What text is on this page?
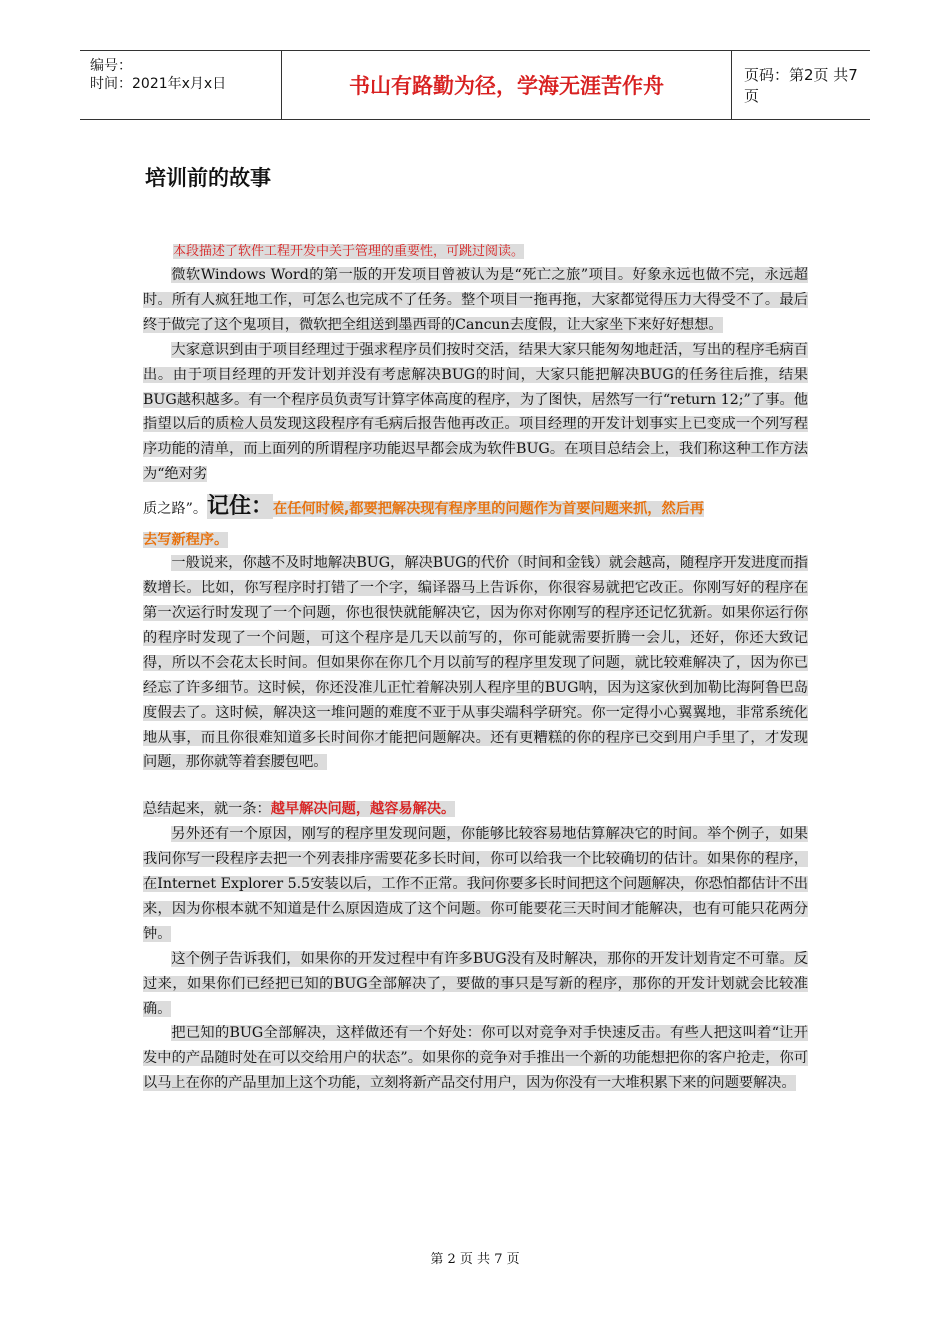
编号：
时间：2021年x月x日	书山有路勤为径，学海无涯苦作舟	页码：第2页 共7页
培训前的故事

本段描述了软件工程开发中关于管理的重要性，可跳过阅读。

微软Windows Word的第一版的开发项目曾被认为是“死亡之旅”项目。好象永远也做不完，永远超时。所有人疯狂地工作，可怎么也完成不了任务。整个项目一拖再拖，大家都觉得压力大得受不了。最后终于做完了这个鬼项目，微软把全组送到墨西哥的Cancun去度假，让大家坐下来好好想想。

大家意识到由于项目经理过于强求程序员们按时交活，结果大家只能匆匆地赶活，写出的程序毛病百出。由于项目经理的开发计划并没有考虑解决BUG的时间，大家只能把解决BUG的任务往后推，结果BUG越积越多。有一个程序员负责写计算字体高度的程序，为了图快，居然写一行“return 12;”了事。他指望以后的质检人员发现这段程序有毛病后报告他再改正。项目经理的开发计划事实上已变成一个列写程序功能的清单，而上面列的所谓程序功能迟早都会成为软件BUG。在项目总结会上，我们称这种工作方法为“绝对劣

质之路”。记住：在任何时候,都要把解决现有程序里的问题作为首要问题来抓，然后再

去写新程序。

一般说来，你越不及时地解决BUG，解决BUG的代价（时间和金钱）就会越高，随程序开发进度而指数增长。比如，你写程序时打错了一个字，编译器马上告诉你，你很容易就把它改正。你刚写好的程序在第一次运行时发现了一个问题，你也很快就能解决它，因为你对你刚写的程序还记忆犹新。如果你运行你的程序时发现了一个问题，可这个程序是几天以前写的，你可能就需要折腾一会儿，还好，你还大致记得，所以不会花太长时间。但如果你在你几个月以前写的程序里发现了问题，就比较难解决了，因为你已经忘了许多细节。这时候，你还没准儿正忙着解决别人程序里的BUG呐，因为这家伙到加勒比海阿鲁巴岛度假去了。这时候，解决这一堆问题的难度不亚于从事尖端科学研究。你一定得小心翼翼地，非常系统化地从事，而且你很难知道多长时间你才能把问题解决。还有更糟糕的你的程序已交到用户手里了，才发现问题，那你就等着套腰包吧。

总结起来，就一条：越早解决问题，越容易解决。

另外还有一个原因，刚写的程序里发现问题，你能够比较容易地估算解决它的时间。举个例子，如果我问你写一段程序去把一个列表排序需要花多长时间，你可以给我一个比较确切的估计。如果你的程序，在Internet Explorer 5.5安装以后，工作不正常。我问你要多长时间把这个问题解决，你恐怕都估计不出来，因为你根本就不知道是什么原因造成了这个问题。你可能要花三天时间才能解决，也有可能只花两分钟。

这个例子告诉我们，如果你的开发过程中有许多BUG没有及时解决，那你的开发计划肯定不可靠。反过来，如果你们已经把已知的BUG全部解决了，要做的事只是写新的程序，那你的开发计划就会比较准确。

把已知的BUG全部解决，这样做还有一个好处：你可以对竞争对手快速反击。有些人把这叫着“让开发中的产品随时处在可以交给用户的状态”。如果你的竞争对手推出一个新的功能想把你的客户抢走，你可以马上在你的产品里加上这个功能，立刻将新产品交付用户，因为你没有一大堆积累下来的问题要解决。

第 2 页 共 7 页
